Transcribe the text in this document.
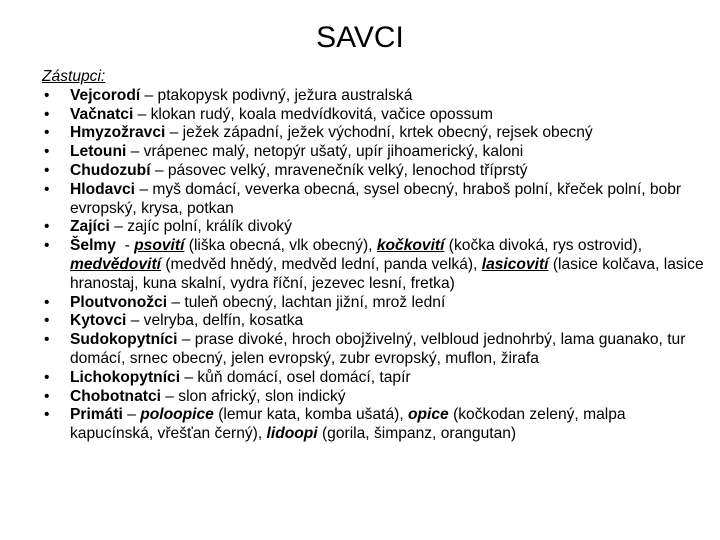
SAVCI
Zástupci:
• Vejcorodí – ptakopysk podivný, ježura australská
• Vačnatci – klokan rudý, koala medvídkovitá, vačice opossum
• Hmyzožravci – ježek západní, ježek východní, krtek obecný, rejsek obecný
• Letouni – vrápenec malý, netopýr ušatý, upír jihoamerický, kaloni
• Chudozubí – pásovec velký, mravenečník velký, lenochod tříprstý
• Hlodavci – myš domácí, veverka obecná, sysel obecný, hraboš polní, křeček polní, bobr evropský, krysa, potkan
• Zajíci – zajíc polní, králík divoký
• Šelmy  - psovití (liška obecná, vlk obecný), kočkovití (kočka divoká, rys ostrovid), medvědovití (medvěd hnědý, medvěd lední, panda velká), lasicovití (lasice kolčava, lasice hranostaj, kuna skalní, vydra říční, jezevec lesní, fretka)
• Ploutvonožci – tuleň obecný, lachtan jižní, mrož lední
• Kytovci – velryba, delfín, kosatka
• Sudokopytníci – prase divoké, hroch obojživelný, velbloud jednohrbý, lama guanako, tur domácí, srnec obecný, jelen evropský, zubr evropský, muflon, žirafa
• Lichokopytníci – kůň domácí, osel domácí, tapír
• Chobotnatci – slon africký, slon indický
• Primáti – poloopice (lemur kata, komba ušatá), opice (kočkodan zelený, malpa kapucínská, vřešťan černý), lidoopi (gorila, šimpanz, orangutan)
